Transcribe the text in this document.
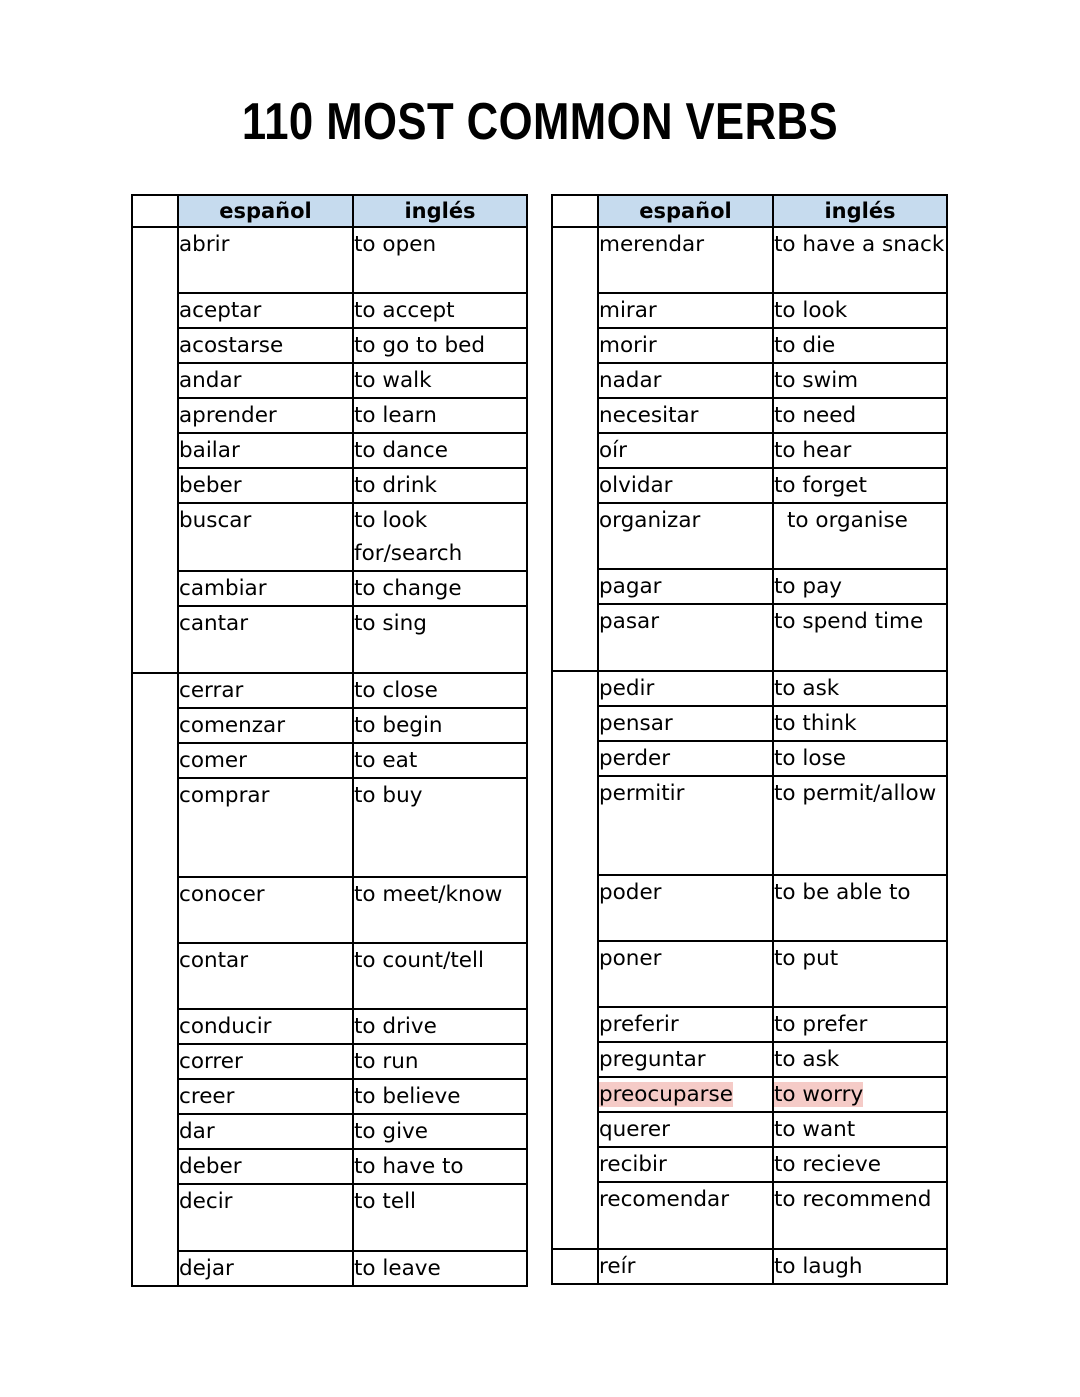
110 MOST COMMON VERBS
	español	inglés
	abrir	to open
	aceptar	to accept
	acostarse	to go to bed
	andar	to walk
	aprender	to learn
	bailar	to dance
	beber	to drink
	buscar	to look for/search
	cambiar	to change
	cantar	to sing
	cerrar	to close
	comenzar	to begin
	comer	to eat
	comprar	to buy
	conocer	to meet/know
	contar	to count/tell
	conducir	to drive
	correr	to run
	creer	to believe
	dar	to give
	deber	to have to
	decir	to tell
	dejar	to leave
	español	inglés
	merendar	to have a snack
	mirar	to look
	morir	to die
	nadar	to swim
	necesitar	to need
	oír	to hear
	olvidar	to forget
	organizar	to organise
	pagar	to pay
	pasar	to spend time
	pedir	to ask
	pensar	to think
	perder	to lose
	permitir	to permit/allow
	poder	to be able to
	poner	to put
	preferir	to prefer
	preguntar	to ask
	preocuparse	to worry
	querer	to want
	recibir	to recieve
	recomendar	to recommend
	reír	to laugh
